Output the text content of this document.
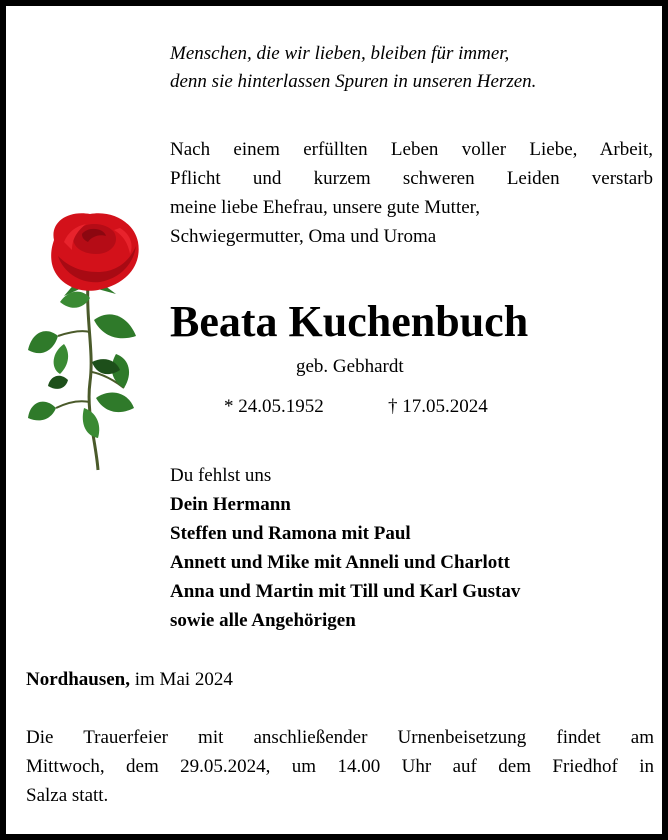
Menschen, die wir lieben, bleiben für immer,
denn sie hinterlassen Spuren in unseren Herzen.
Nach einem erfüllten Leben voller Liebe, Arbeit,
Pflicht und kurzem schweren Leiden verstarb
meine liebe Ehefrau, unsere gute Mutter,
Schwiegermutter, Oma und Uroma
Beata Kuchenbuch
geb. Gebhardt
* 24.05.1952	† 17.05.2024
Du fehlst uns
Dein Hermann
Steffen und Ramona mit Paul
Annett und Mike mit Anneli und Charlott
Anna und Martin mit Till und Karl Gustav
sowie alle Angehörigen
Nordhausen, im Mai 2024
Die Trauerfeier mit anschließender Urnenbeisetzung findet am
Mittwoch, dem 29.05.2024, um 14.00 Uhr auf dem Friedhof in
Salza statt.
